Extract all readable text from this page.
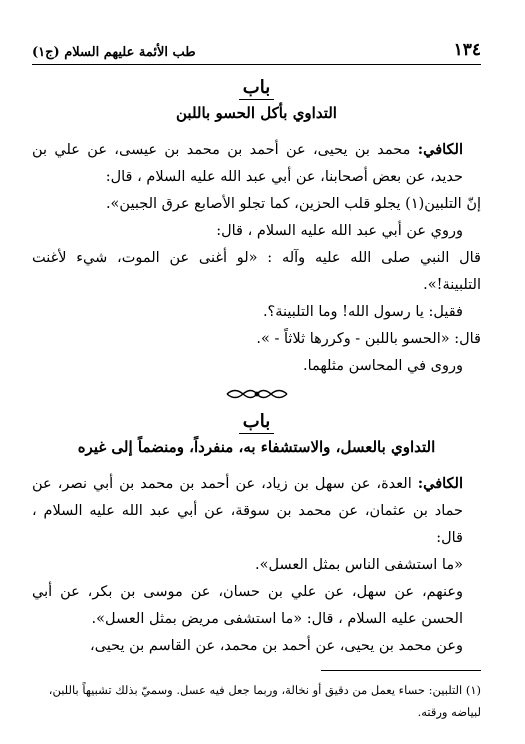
١٣٤
طب الأئمة عليهم السلام (ج١)
باب
التداوي بأكل الحسو باللبن

الكافي: محمد بن يحيى، عن أحمد بن محمد بن عيسى، عن علي بن حديد، عن بعض أصحابنا، عن أبي عبد الله عليه السلام ، قال:

إنّ التلبين(١) يجلو قلب الحزين، كما تجلو الأصابع عرق الجبين».

وروي عن أبي عبد الله عليه السلام ، قال:

قال النبي صلى الله عليه وآله : «لو أغنى عن الموت، شيء لأغنت التلبينة!».

فقيل: يا رسول الله! وما التلبينة؟.

قال: «الحسو باللبن - وكررها ثلاثاً - ».

وروى في المحاسن مثلهما.

باب
التداوي بالعسل، والاستشفاء به، منفرداً، ومنضماً إلى غيره

الكافي: العدة، عن سهل بن زياد، عن أحمد بن محمد بن أبي نصر، عن حماد بن عثمان، عن محمد بن سوقة، عن أبي عبد الله عليه السلام ، قال:

«ما استشفى الناس بمثل العسل».

وعنهم، عن سهل، عن علي بن حسان، عن موسى بن بكر، عن أبي الحسن عليه السلام ، قال: «ما استشفى مريض بمثل العسل».

وعن محمد بن يحيى، عن أحمد بن محمد، عن القاسم بن يحيى،

(١) التلبين: حساء يعمل من دقيق أو نخالة، وربما جعل فيه عسل. وسميّ بذلك تشبيهاً باللبن، لبياضه ورقته.
